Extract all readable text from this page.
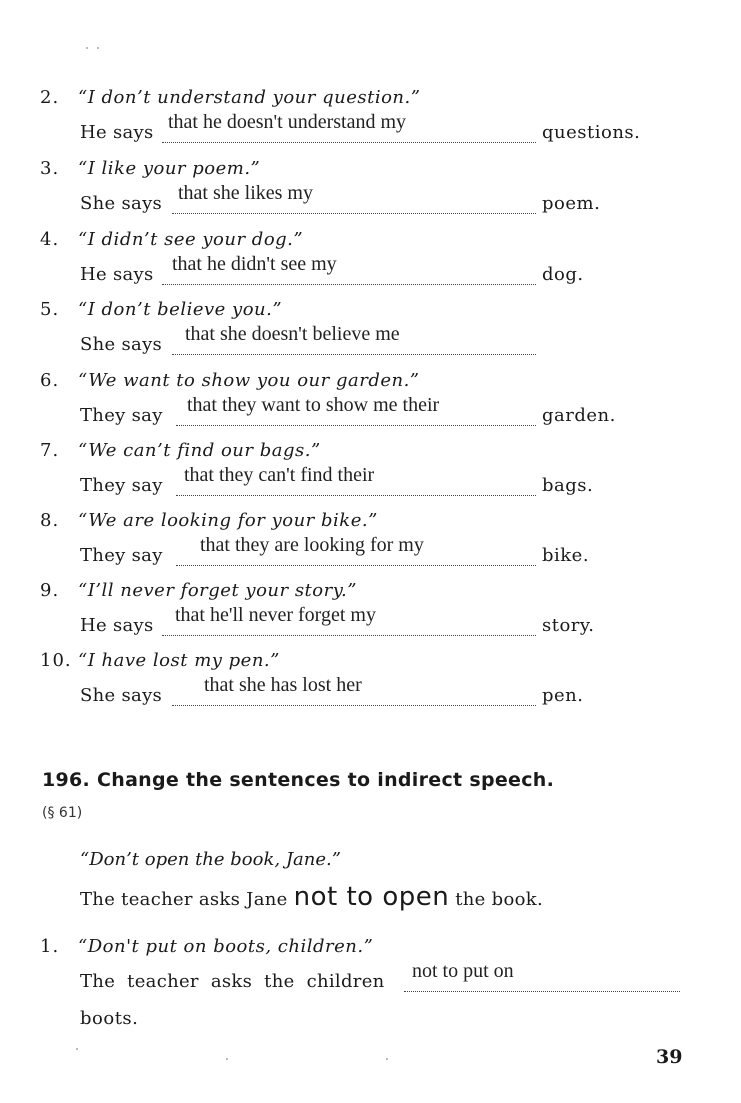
2. “I don’t understand your question.”
He says that he doesn't understand my	questions.
3. “I like your poem.”
She says that she likes my	poem.
4. “I didn’t see your dog.”
He says that he didn't see my	dog.
5. “I don’t believe you.”
She says that she doesn't believe me
6. “We want to show you our garden.”
They say that they want to show me their	garden.
7. “We can’t find our bags.”
They say that they can't find their	bags.
8. “We are looking for your bike.”
They say that they are looking for my	bike.
9. “I’ll never forget your story.”
He says that he'll never forget my	story.
10. “I have lost my pen.”
She says that she has lost her	pen.
196. Change the sentences to indirect speech.
(§ 61)
“Don’t open the book, Jane.”
The teacher asks Jane not to open the book.
1. “Don't put on boots, children.”
The teacher asks the children not to put on
boots.
39
